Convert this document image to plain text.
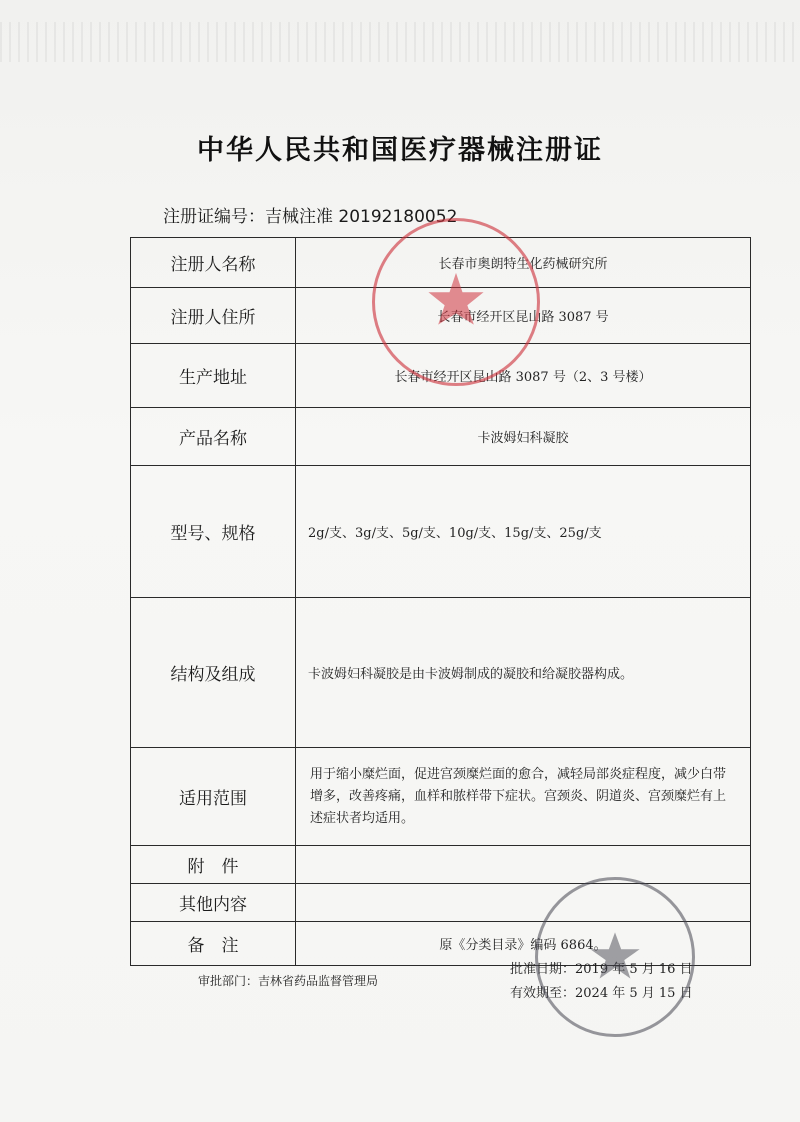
中华人民共和国医疗器械注册证
注册证编号：吉械注准 20192180052
注册人名称	长春市奥朗特生化药械研究所
注册人住所	长春市经开区昆山路 3087 号
生产地址	长春市经开区昆山路 3087 号（2、3 号楼）
产品名称	卡波姆妇科凝胶
型号、规格	2g/支、3g/支、5g/支、10g/支、15g/支、25g/支
结构及组成	卡波姆妇科凝胶是由卡波姆制成的凝胶和给凝胶器构成。
适用范围	用于缩小糜烂面，促进宫颈糜烂面的愈合，减轻局部炎症程度，减少白带增多，改善疼痛，血样和脓样带下症状。宫颈炎、阴道炎、宫颈糜烂有上述症状者均适用。
附　件	
其他内容	
备　注	原《分类目录》编码 6864。
审批部门：吉林省药品监督管理局
批准日期：2019 年 5 月 16 日
有效期至：2024 年 5 月 15 日
